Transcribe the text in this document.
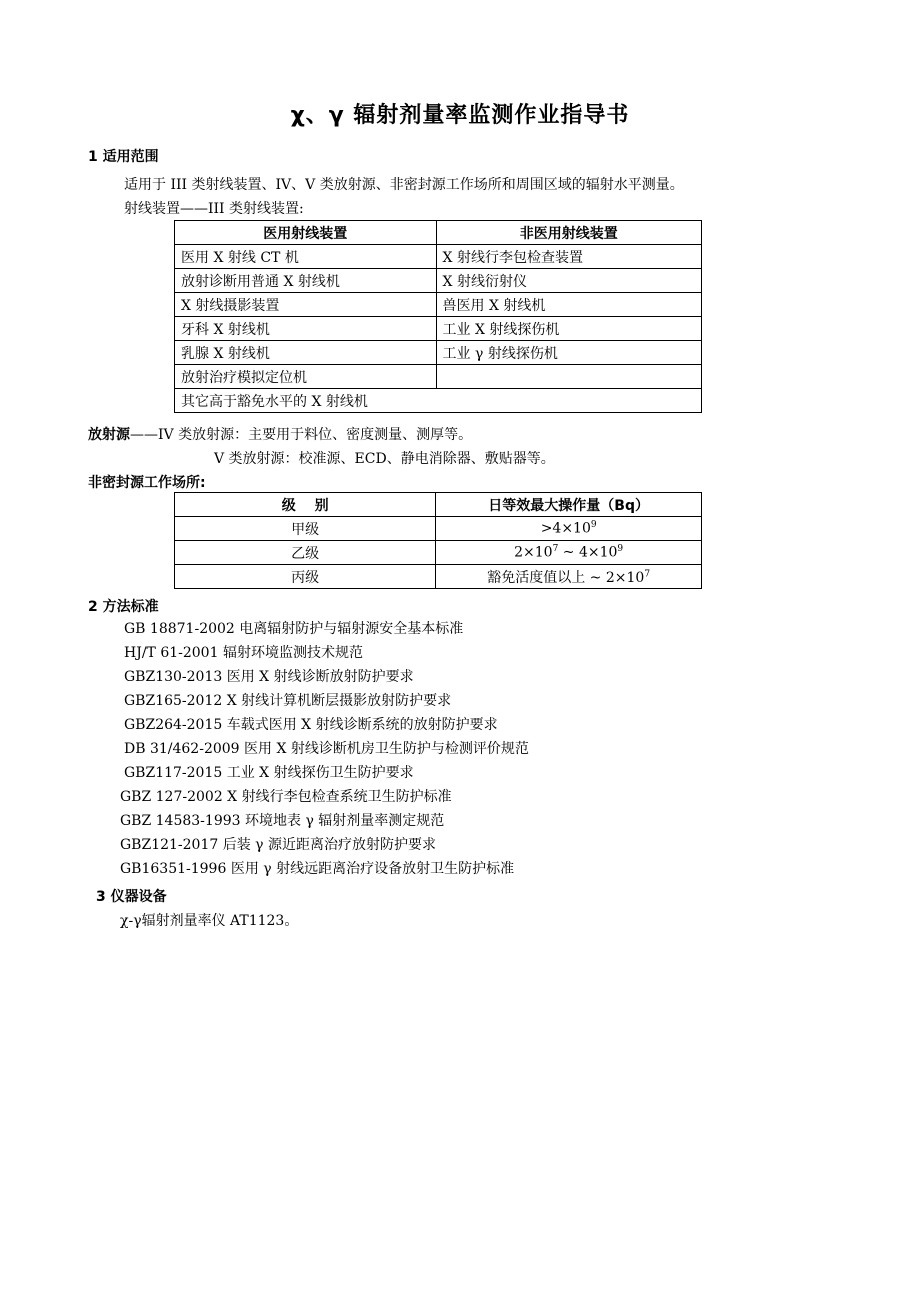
χ、γ 辐射剂量率监测作业指导书
1 适用范围
适用于 III 类射线装置、IV、V 类放射源、非密封源工作场所和周围区域的辐射水平测量。
射线装置——III 类射线装置:
医用射线装置	非医用射线装置
医用 X 射线 CT 机	X 射线行李包检查装置
放射诊断用普通 X 射线机	X 射线衍射仪
X 射线摄影装置	兽医用 X 射线机
牙科 X 射线机	工业 X 射线探伤机
乳腺 X 射线机	工业 γ 射线探伤机
放射治疗模拟定位机	
其它高于豁免水平的 X 射线机	
放射源——IV 类放射源：主要用于料位、密度测量、测厚等。
V 类放射源：校准源、ECD、静电消除器、敷贴器等。
非密封源工作场所:
级　 别	日等效最大操作量（Bq）
甲级	$>4\times 10^9$
乙级	$2\times 10^7$ ~ $4\times 10^9$
丙级	豁免活度值以上 ~ $2\times 10^7$
2 方法标准
GB 18871-2002 电离辐射防护与辐射源安全基本标准
HJ/T 61-2001 辐射环境监测技术规范
GBZ130-2013 医用 X 射线诊断放射防护要求
GBZ165-2012 X 射线计算机断层摄影放射防护要求
GBZ264-2015 车载式医用 X 射线诊断系统的放射防护要求
DB 31/462-2009 医用 X 射线诊断机房卫生防护与检测评价规范
GBZ117-2015 工业 X 射线探伤卫生防护要求
GBZ 127-2002 X 射线行李包检查系统卫生防护标准
GBZ 14583-1993 环境地表 γ 辐射剂量率测定规范
GBZ121-2017 后装 γ 源近距离治疗放射防护要求
GB16351-1996 医用 γ 射线远距离治疗设备放射卫生防护标准
3 仪器设备
χ-γ辐射剂量率仪 AT1123。
